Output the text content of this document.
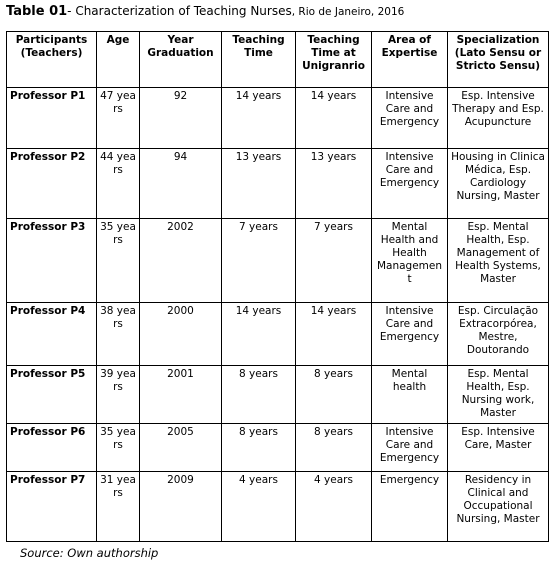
Table 01- Characterization of Teaching Nurses, Rio de Janeiro, 2016
Participants (Teachers)	Age	Year Graduation	Teaching Time	Teaching Time at Unigranrio	Area of Expertise	Specialization (Lato Sensu or Stricto Sensu)
Professor P1	47 years	92	14 years	14 years	Intensive Care and Emergency	Esp. Intensive Therapy and Esp. Acupuncture
Professor P2	44 years	94	13 years	13 years	Intensive Care and Emergency	Housing in Clinica Médica, Esp. Cardiology Nursing, Master
Professor P3	35 years	2002	7 years	7 years	Mental Health and Health Management	Esp. Mental Health, Esp. Management of Health Systems, Master
Professor P4	38 years	2000	14 years	14 years	Intensive Care and Emergency	Esp. Circulação Extracorpórea, Mestre, Doutorando
Professor P5	39 years	2001	8 years	8 years	Mental health	Esp. Mental Health, Esp. Nursing work, Master
Professor P6	35 years	2005	8 years	8 years	Intensive Care and Emergency	Esp. Intensive Care, Master
Professor P7	31 years	2009	4 years	4 years	Emergency	Residency in Clinical and Occupational Nursing, Master
Source: Own authorship
